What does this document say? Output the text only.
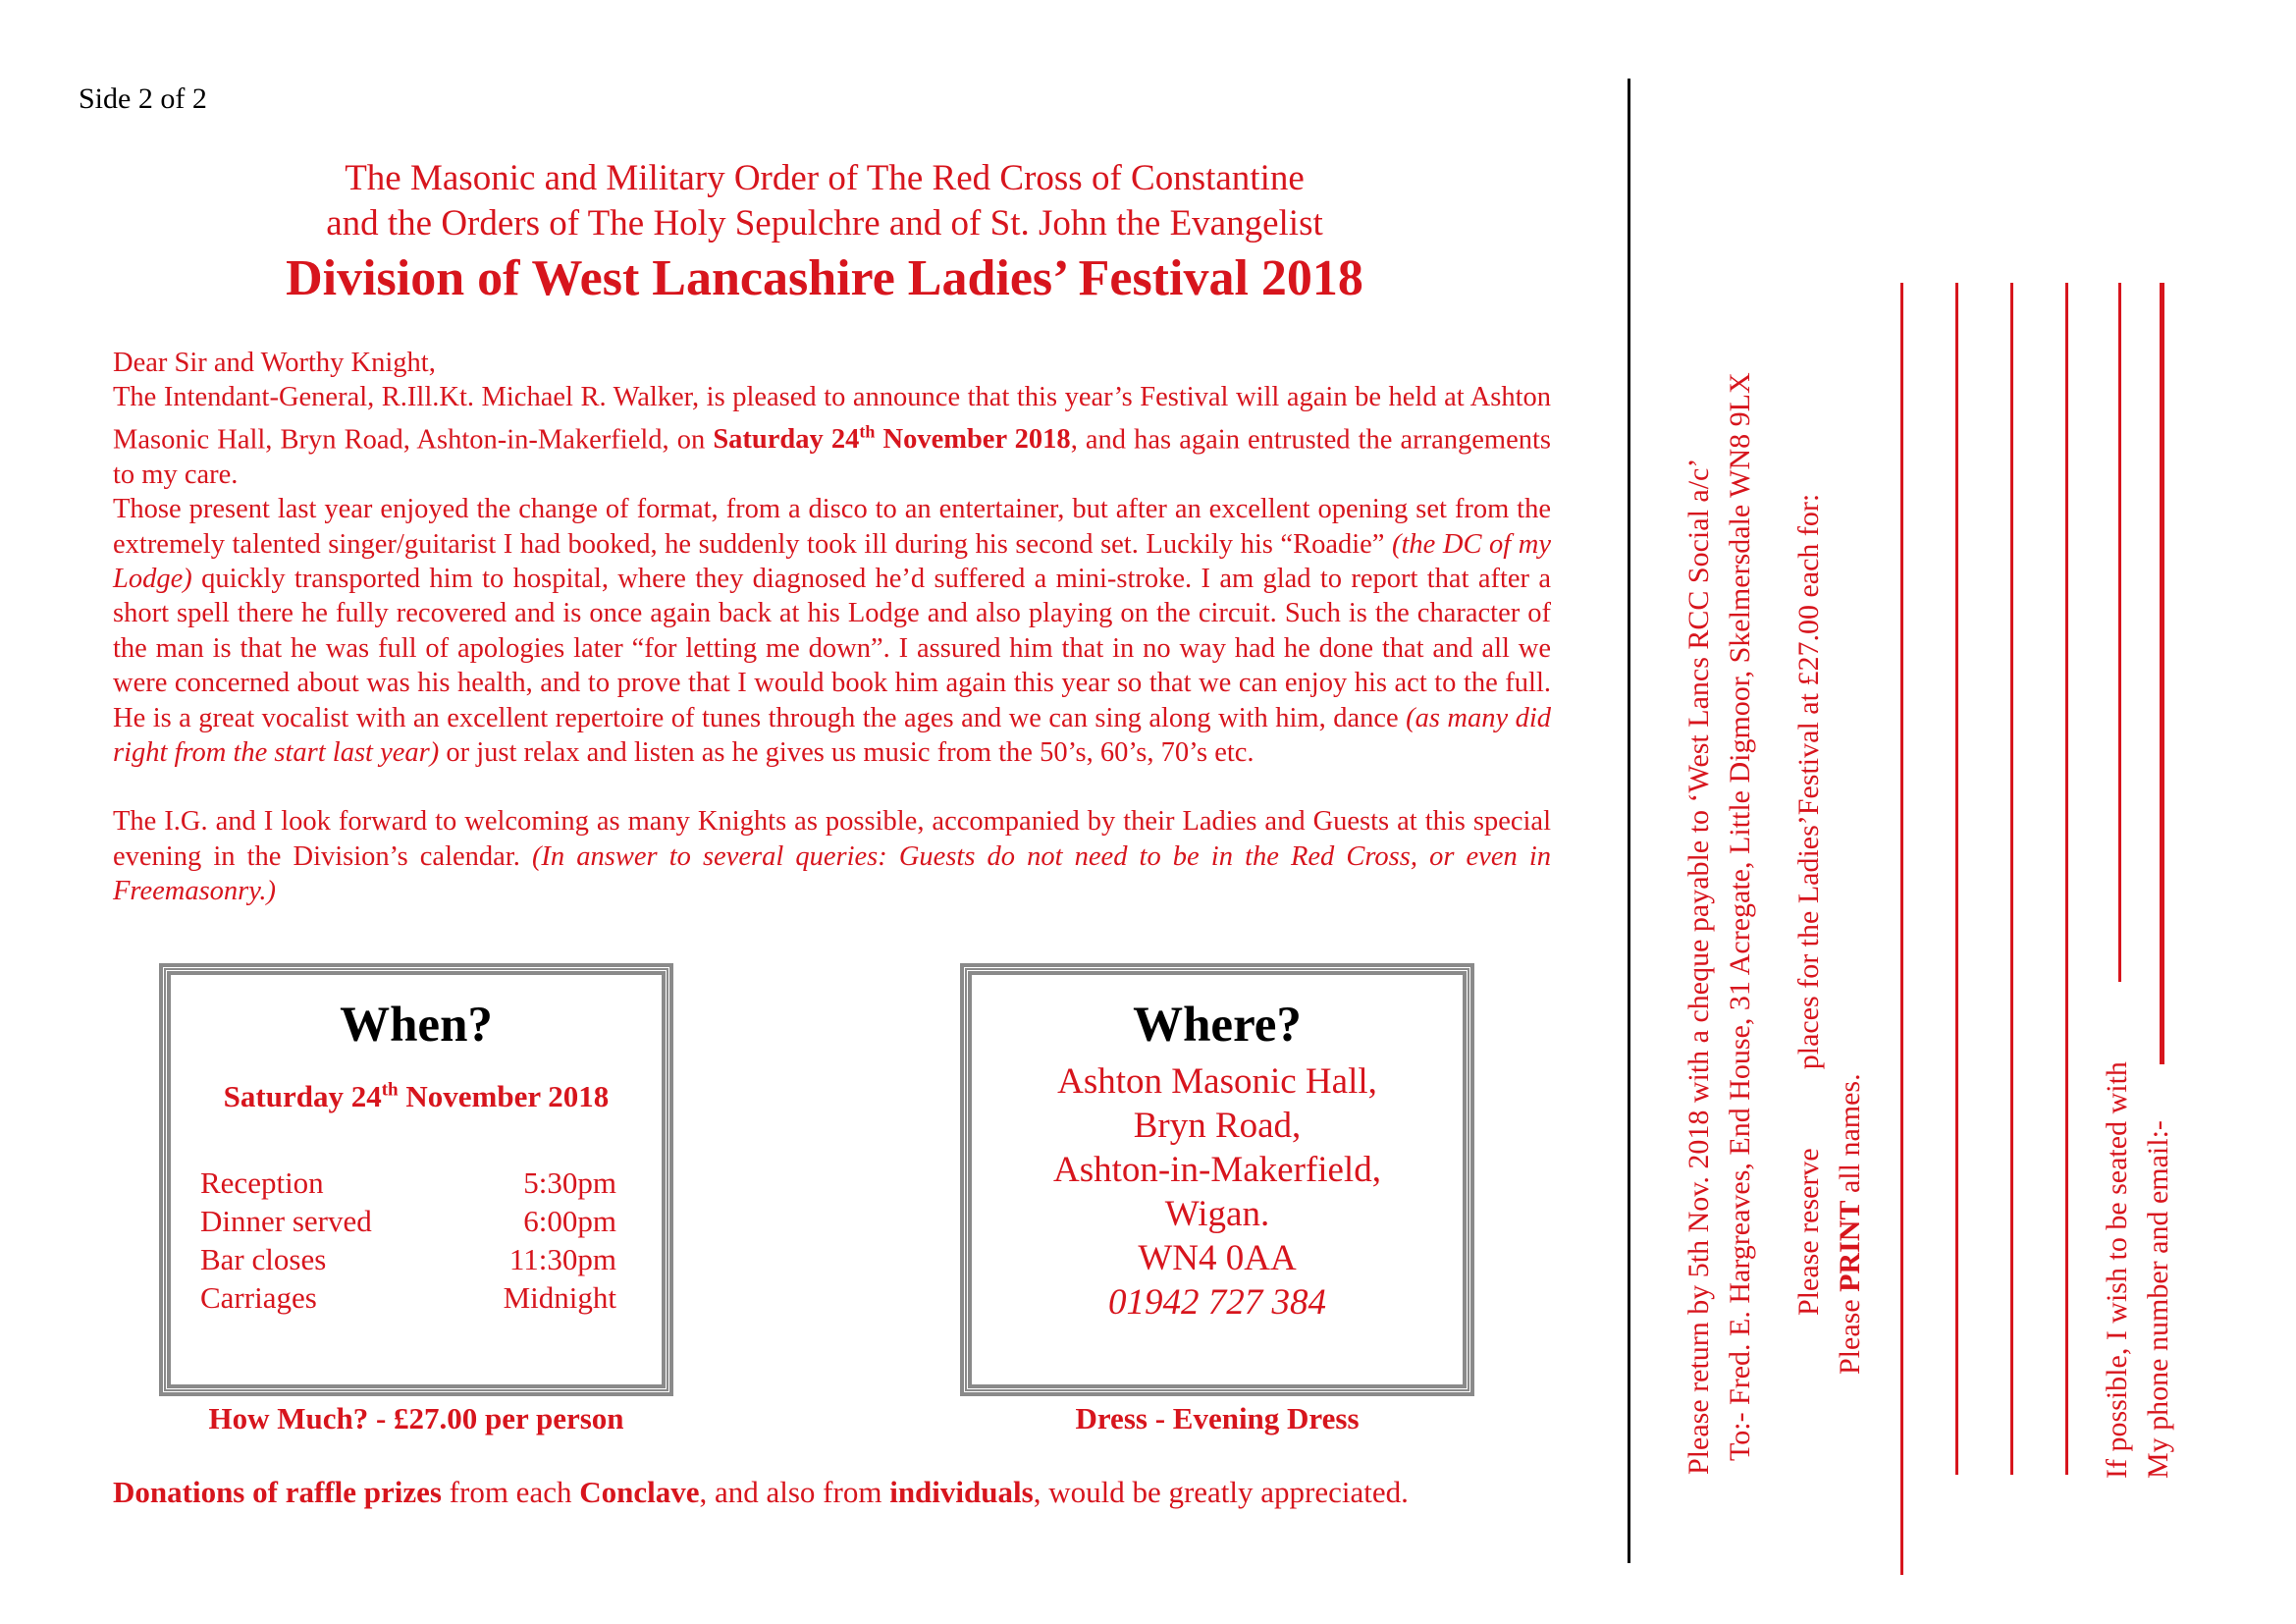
Side 2 of 2
The Masonic and Military Order of The Red Cross of Constantine
and the Orders of The Holy Sepulchre and of St. John the Evangelist
Division of West Lancashire Ladies’ Festival 2018

Dear Sir and Worthy Knight,

The Intendant-General, R.Ill.Kt. Michael R. Walker, is pleased to announce that this year’s Festival will again be held at Ashton Masonic Hall, Bryn Road, Ashton-in-Makerfield, on Saturday 24th November 2018, and has again entrusted the arrangements to my care.

Those present last year enjoyed the change of format, from a disco to an entertainer, but after an excellent opening set from the extremely talented singer/guitarist I had booked, he suddenly took ill during his second set. Luckily his “Roadie” (the DC of my Lodge) quickly transported him to hospital, where they diagnosed he’d suffered a mini-stroke. I am glad to report that after a short spell there he fully recovered and is once again back at his Lodge and also playing on the circuit. Such is the character of the man is that he was full of apologies later “for letting me down”. I assured him that in no way had he done that and all we were concerned about was his health, and to prove that I would book him again this year so that we can enjoy his act to the full. He is a great vocalist with an excellent repertoire of tunes through the ages and we can sing along with him, dance (as many did right from the start last year) or just relax and listen as he gives us music from the 50’s, 60’s, 70’s etc.

The I.G. and I look forward to welcoming as many Knights as possible, accompanied by their Ladies and Guests at this special evening in the Division’s calendar. (In answer to several queries: Guests do not need to be in the Red Cross, or even in Freemasonry.)

When?
Saturday 24th November 2018
Reception	5:30pm
Dinner served	6:00pm
Bar closes	11:30pm
Carriages	Midnight
Where?
Ashton Masonic Hall,
Bryn Road,
Ashton-in-Makerfield,
Wigan.
WN4 0AA
01942 727 384
How Much? - £27.00 per person	Dress - Evening Dress
Donations of raffle prizes from each Conclave, and also from individuals, would be greatly appreciated.
Please return by 5th Nov. 2018 with a cheque payable to ‘West Lancs RCC Social a/c’ To:- Fred. E. Hargreaves, End House, 31 Acregate, Little Digmoor, Skelmersdale WN8 9LX Please reserveplaces for the Ladies’Festival at £27.00 each for:
Please PRINT all names.	If possible, I wish to be seated with My phone number and email:-
